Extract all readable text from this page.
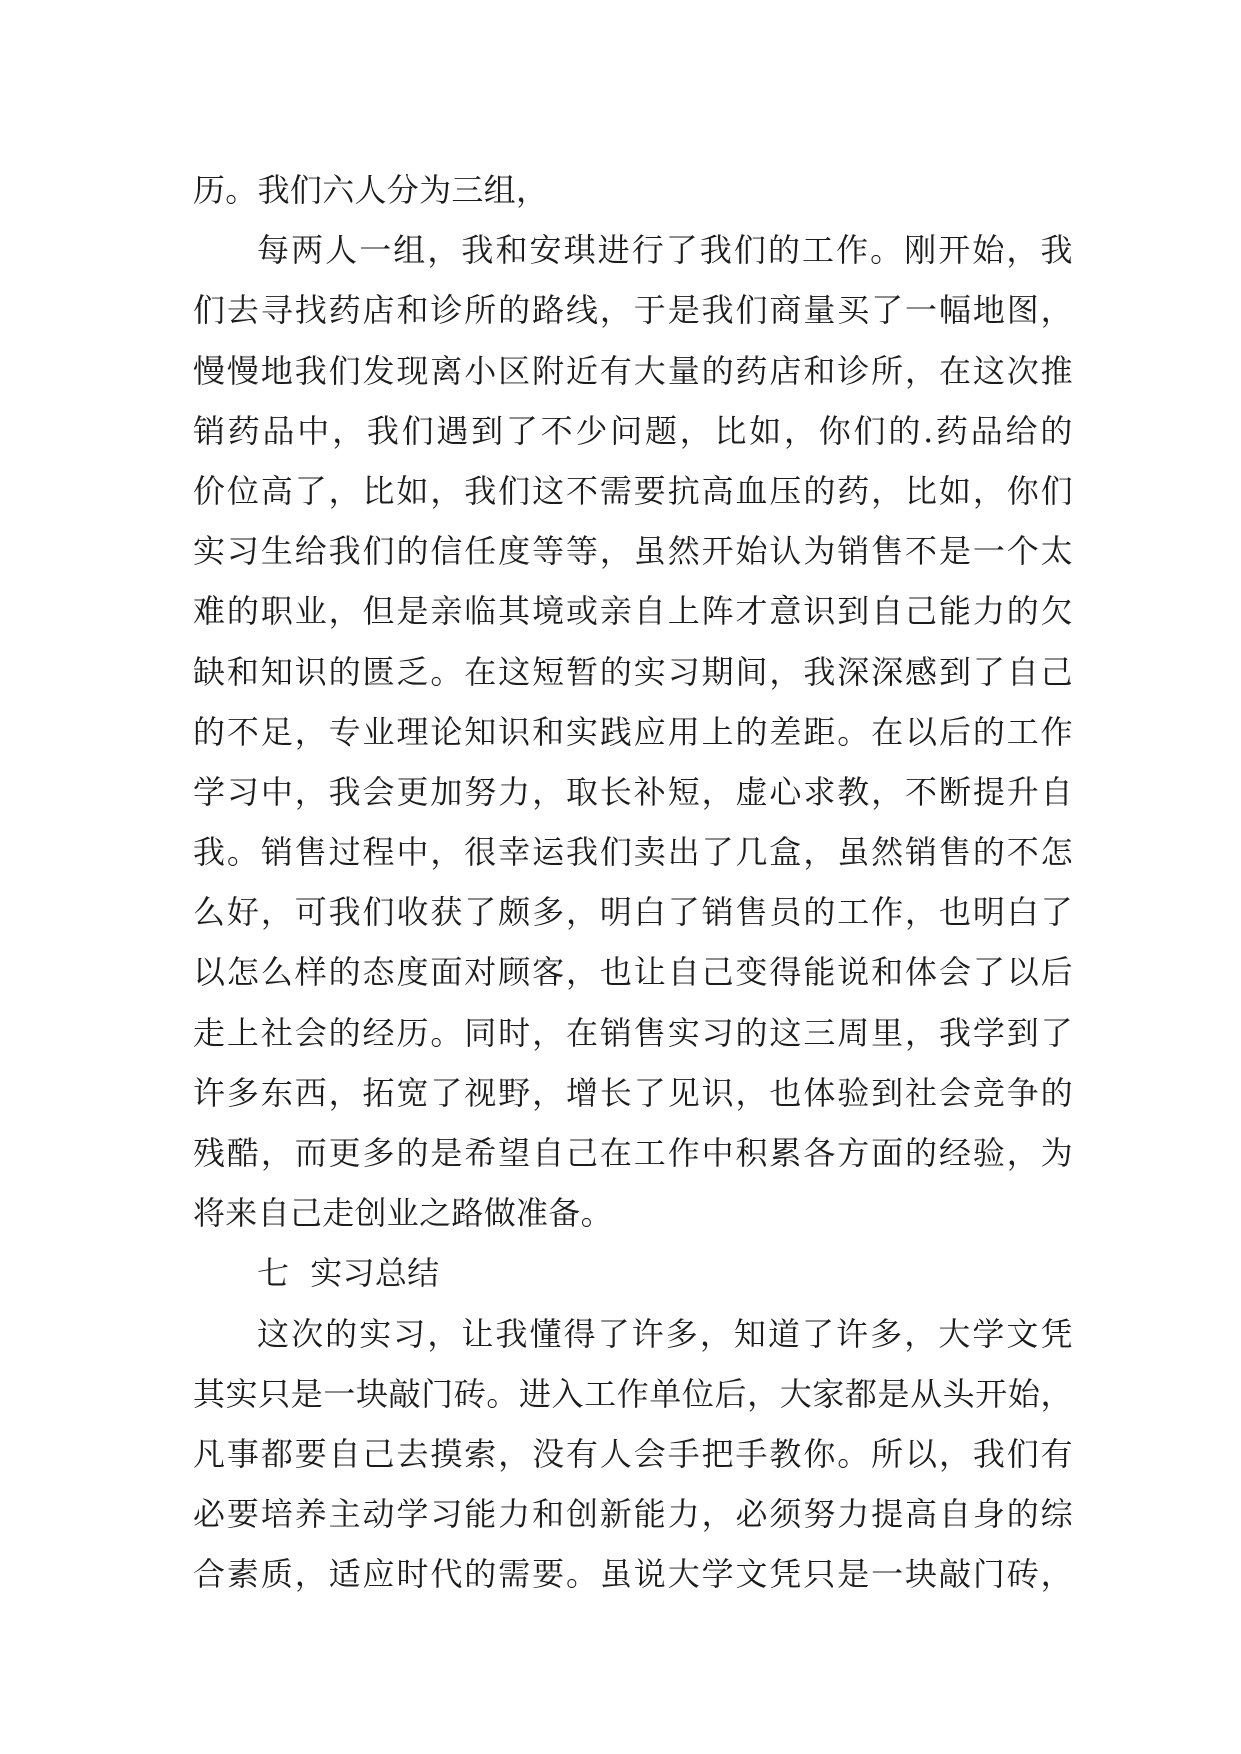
历。我们六人分为三组，
每 两 人 一 组 ， 我 和 安 琪 进 行 了 我 们 的 工 作 。 刚 开 始 ， 我
们 去 寻 找 药 店 和 诊 所 的 路 线 ， 于 是 我 们 商 量 买 了 一 幅 地 图 ，
慢 慢 地 我 们 发 现 离 小 区 附 近 有 大 量 的 药 店 和 诊 所 ， 在 这 次 推
销 药 品 中 ， 我 们 遇 到 了 不 少 问 题 ， 比 如 ， 你 们 的 . 药 品 给 的
价 位 高 了 ， 比 如 ， 我 们 这 不 需 要 抗 高 血 压 的 药 ， 比 如 ， 你 们
实 习 生 给 我 们 的 信 任 度 等 等 ， 虽 然 开 始 认 为 销 售 不 是 一 个 太
难 的 职 业 ， 但 是 亲 临 其 境 或 亲 自 上 阵 才 意 识 到 自 己 能 力 的 欠
缺 和 知 识 的 匮 乏 。 在 这 短 暂 的 实 习 期 间 ， 我 深 深 感 到 了 自 己
的 不 足 ， 专 业 理 论 知 识 和 实 践 应 用 上 的 差 距 。 在 以 后 的 工 作
学 习 中 ， 我 会 更 加 努 力 ， 取 长 补 短 ， 虚 心 求 教 ， 不 断 提 升 自
我 。 销 售 过 程 中 ， 很 幸 运 我 们 卖 出 了 几 盒 ， 虽 然 销 售 的 不 怎
么 好 ， 可 我 们 收 获 了 颇 多 ， 明 白 了 销 售 员 的 工 作 ， 也 明 白 了
以 怎 么 样 的 态 度 面 对 顾 客 ， 也 让 自 己 变 得 能 说 和 体 会 了 以 后
走 上 社 会 的 经 历 。 同 时 ， 在 销 售 实 习 的 这 三 周 里 ， 我 学 到 了
许 多 东 西 ， 拓 宽 了 视 野 ， 增 长 了 见 识 ， 也 体 验 到 社 会 竞 争 的
残 酷 ， 而 更 多 的 是 希 望 自 己 在 工 作 中 积 累 各 方 面 的 经 验 ， 为
将来自己走创业之路做准备。
七  实习总结
这 次 的 实 习 ， 让 我 懂 得 了 许 多 ， 知 道 了 许 多 ， 大 学 文 凭
其 实 只 是 一 块 敲 门 砖 。 进 入 工 作 单 位 后 ， 大 家 都 是 从 头 开 始 ，
凡 事 都 要 自 己 去 摸 索 ， 没 有 人 会 手 把 手 教 你 。 所 以 ， 我 们 有
必 要 培 养 主 动 学 习 能 力 和 创 新 能 力 ， 必 须 努 力 提 高 自 身 的 综
合 素 质 ， 适 应 时 代 的 需 要 。 虽 说 大 学 文 凭 只 是 一 块 敲 门 砖 ，
